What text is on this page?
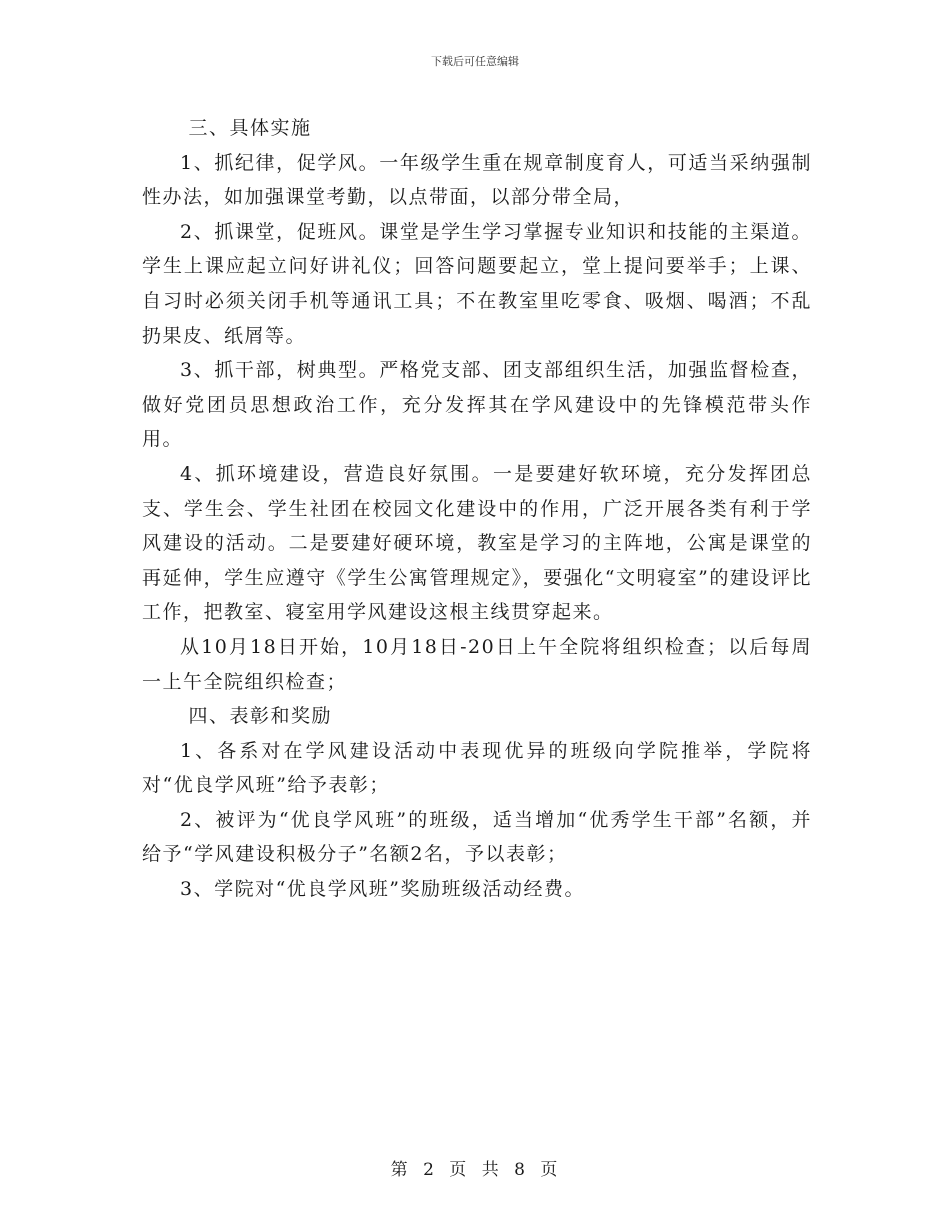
下载后可任意编辑

三、具体实施

1、抓纪律，促学风。一年级学生重在规章制度育人，可适当采纳强制性办法，如加强课堂考勤，以点带面，以部分带全局，

2、抓课堂，促班风。课堂是学生学习掌握专业知识和技能的主渠道。学生上课应起立问好讲礼仪；回答问题要起立，堂上提问要举手；上课、自习时必须关闭手机等通讯工具；不在教室里吃零食、吸烟、喝酒；不乱扔果皮、纸屑等。

3、抓干部，树典型。严格党支部、团支部组织生活，加强监督检查，做好党团员思想政治工作，充分发挥其在学风建设中的先锋模范带头作用。

4、抓环境建设，营造良好氛围。一是要建好软环境，充分发挥团总支、学生会、学生社团在校园文化建设中的作用，广泛开展各类有利于学风建设的活动。二是要建好硬环境，教室是学习的主阵地，公寓是课堂的再延伸，学生应遵守《学生公寓管理规定》，要强化“文明寝室”的建设评比工作，把教室、寝室用学风建设这根主线贯穿起来。

从10月18日开始，10月18日-20日上午全院将组织检查；以后每周一上午全院组织检查；

四、表彰和奖励

1、各系对在学风建设活动中表现优异的班级向学院推举，学院将对“优良学风班”给予表彰；

2、被评为“优良学风班”的班级，适当增加“优秀学生干部”名额，并给予“学风建设积极分子”名额2名，予以表彰；

3、学院对“优良学风班”奖励班级活动经费。

第 2 页 共 8 页
